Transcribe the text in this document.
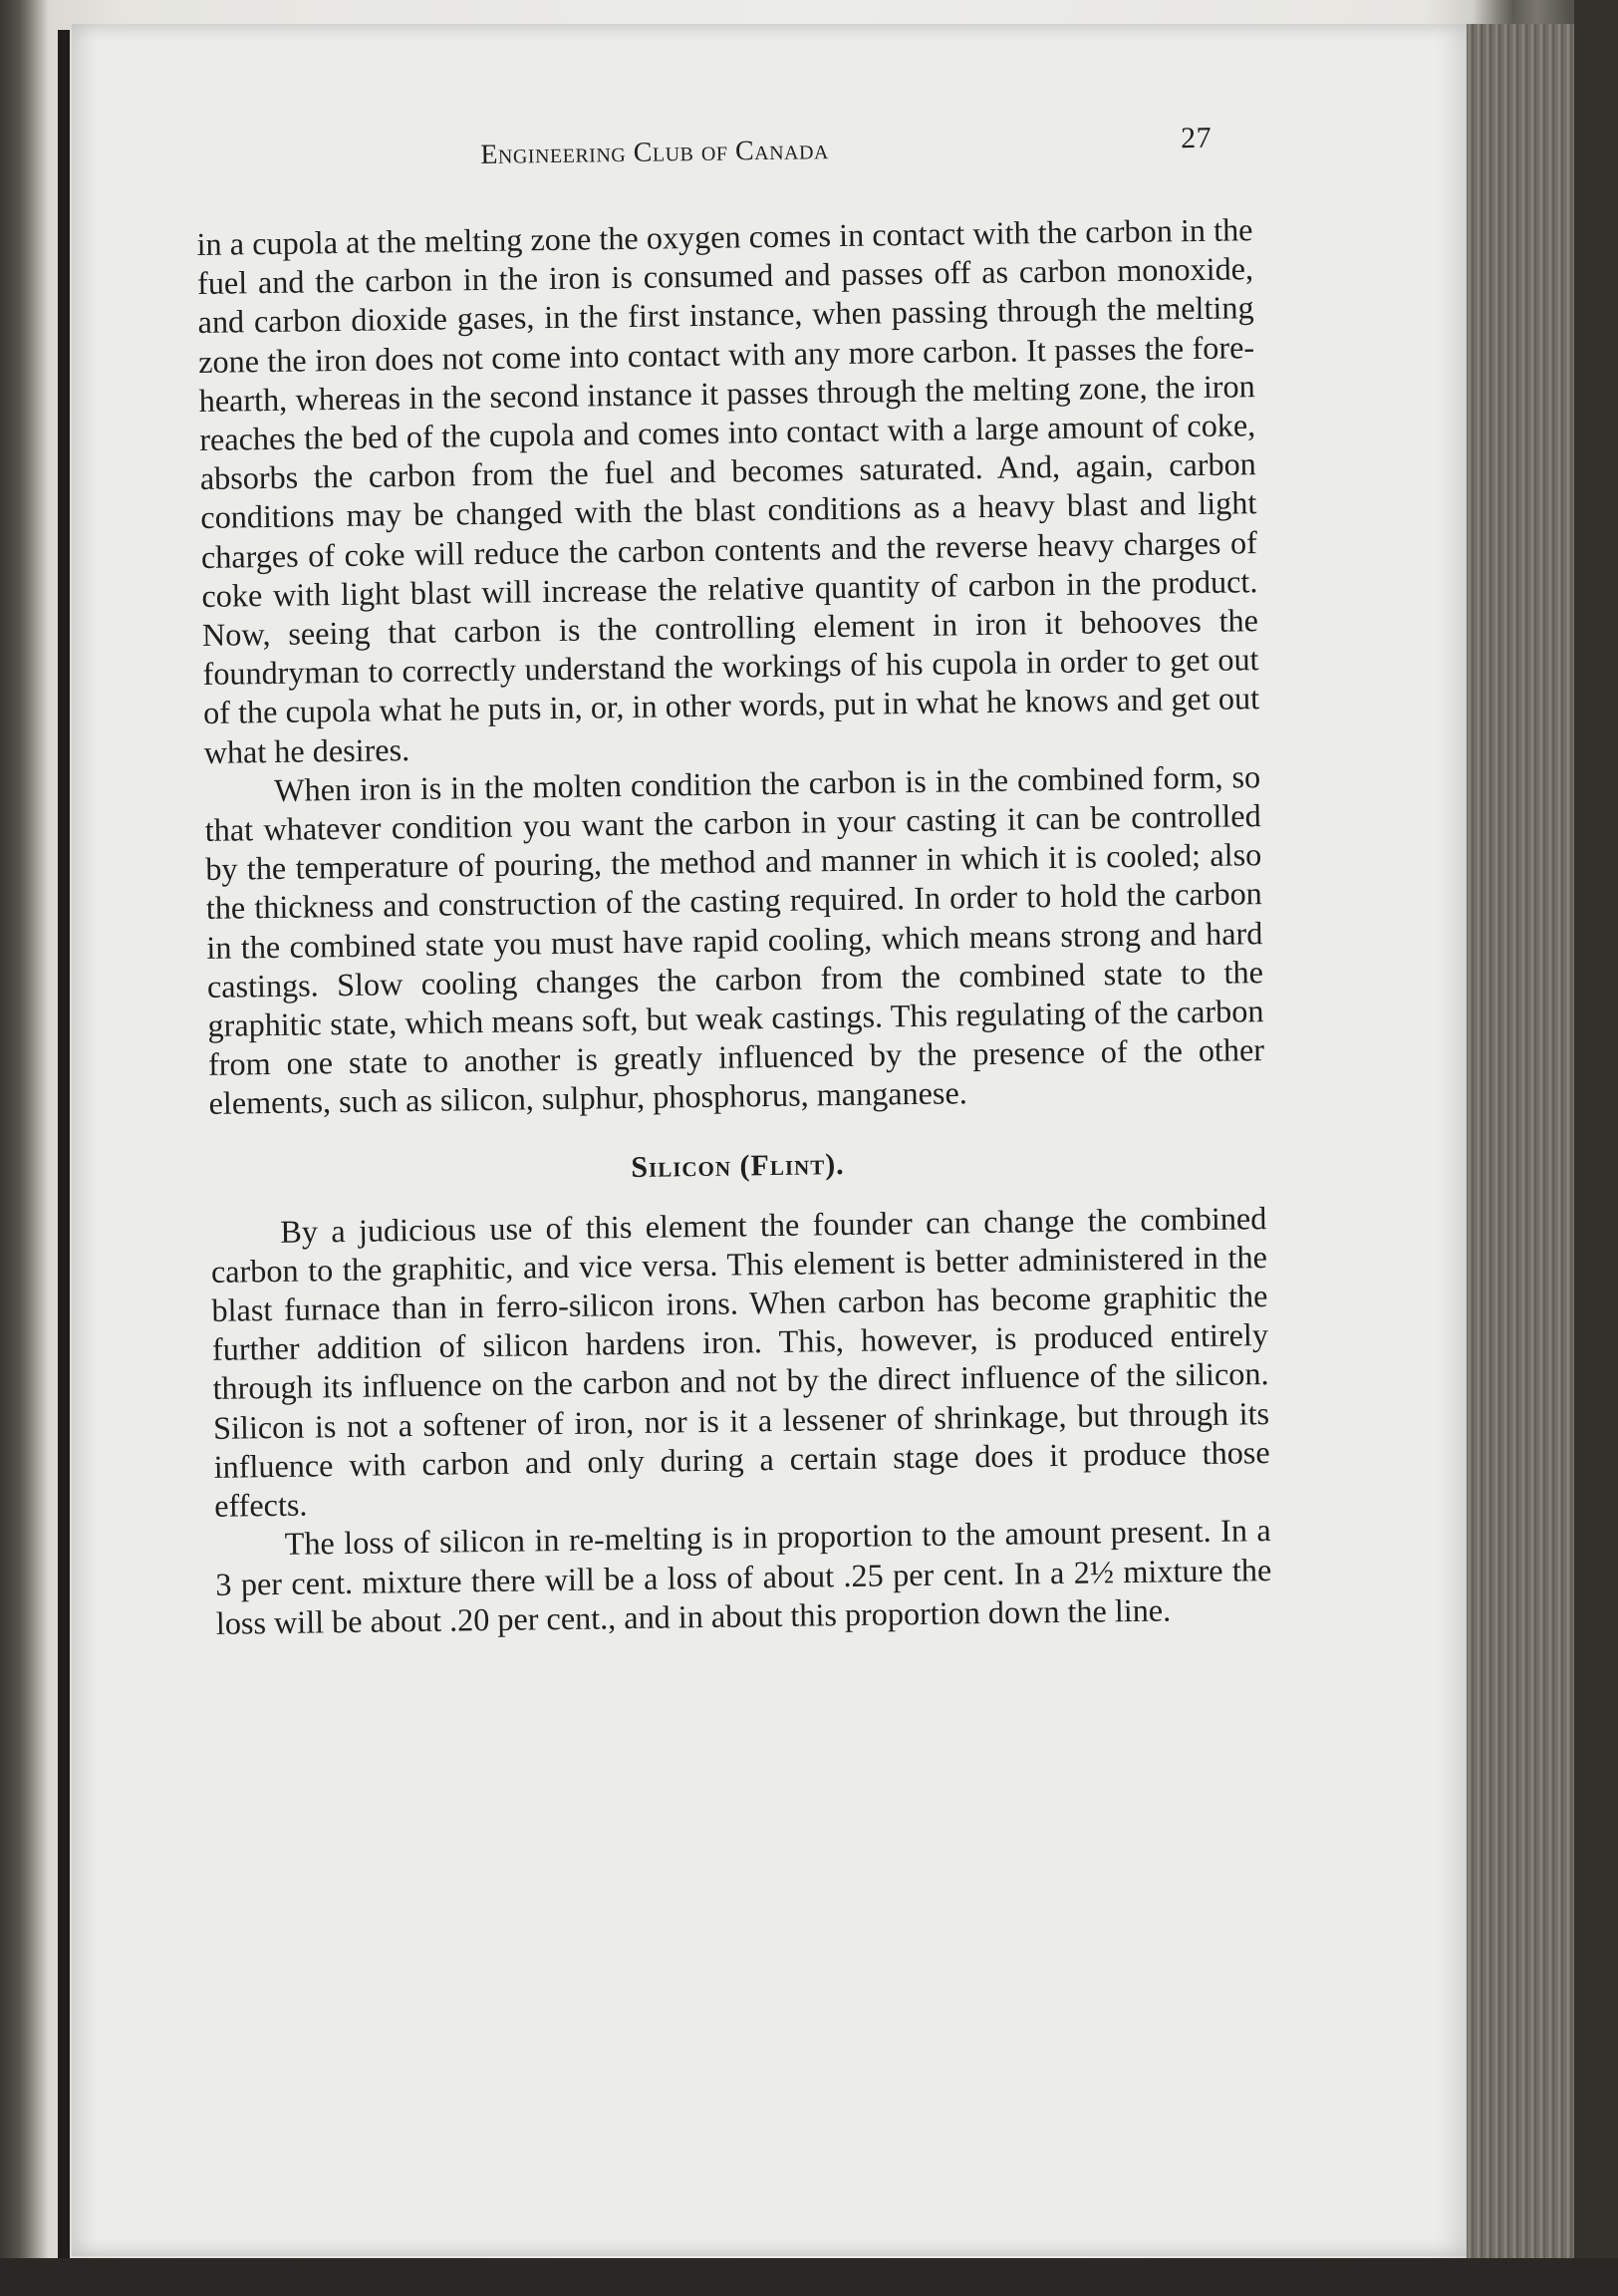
Engineering Club of Canada	27

in a cupola at the melting zone the oxygen comes in contact with the carbon in the fuel and the carbon in the iron is consumed and passes off as carbon monoxide, and carbon dioxide gases, in the first instance, when passing through the melting zone the iron does not come into contact with any more carbon. It passes the fore-hearth, whereas in the second instance it passes through the melting zone, the iron reaches the bed of the cupola and comes into contact with a large amount of coke, absorbs the carbon from the fuel and becomes saturated. And, again, carbon conditions may be changed with the blast conditions as a heavy blast and light charges of coke will reduce the carbon contents and the reverse heavy charges of coke with light blast will increase the relative quantity of carbon in the product. Now, seeing that carbon is the controlling element in iron it behooves the foundryman to correctly understand the workings of his cupola in order to get out of the cupola what he puts in, or, in other words, put in what he knows and get out what he desires.

When iron is in the molten condition the carbon is in the combined form, so that whatever condition you want the carbon in your casting it can be controlled by the temperature of pouring, the method and manner in which it is cooled; also the thickness and construction of the casting required. In order to hold the carbon in the combined state you must have rapid cooling, which means strong and hard castings. Slow cooling changes the carbon from the combined state to the graphitic state, which means soft, but weak castings. This regulating of the carbon from one state to another is greatly influenced by the presence of the other elements, such as silicon, sulphur, phosphorus, manganese.

Silicon (Flint).

By a judicious use of this element the founder can change the combined carbon to the graphitic, and vice versa. This element is better administered in the blast furnace than in ferro-silicon irons. When carbon has become graphitic the further addition of silicon hardens iron. This, however, is produced entirely through its influence on the carbon and not by the direct influence of the silicon. Silicon is not a softener of iron, nor is it a lessener of shrinkage, but through its influence with carbon and only during a certain stage does it produce those effects.

The loss of silicon in re-melting is in proportion to the amount present. In a 3 per cent. mixture there will be a loss of about .25 per cent. In a 2½ mixture the loss will be about .20 per cent., and in about this proportion down the line.
